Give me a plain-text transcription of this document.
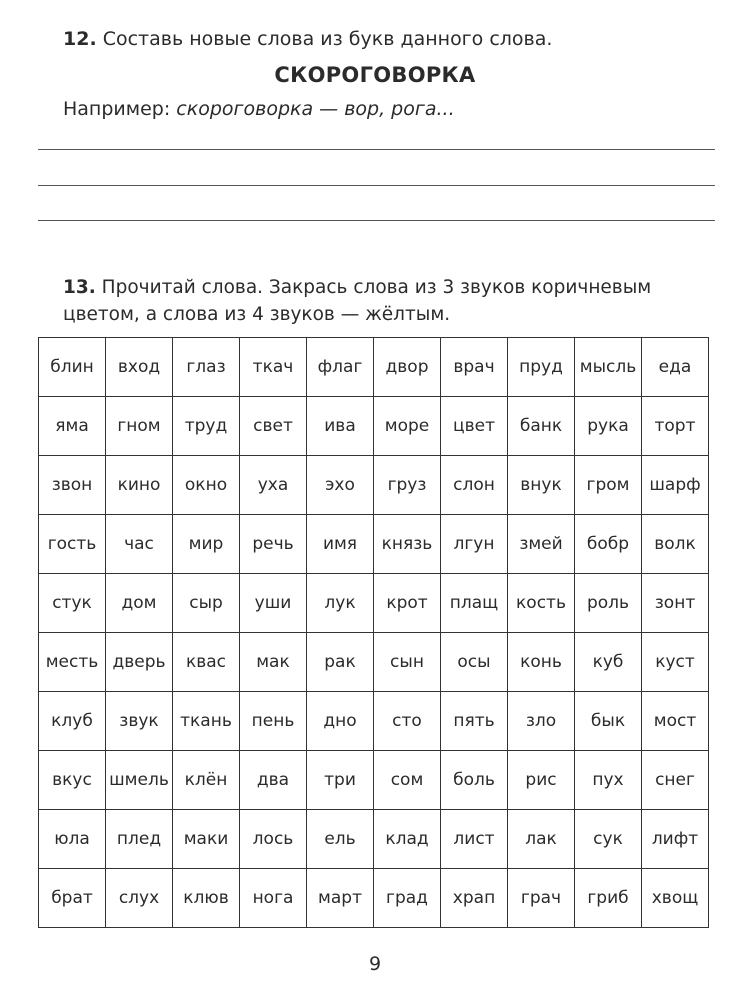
12. Составь новые слова из букв данного слова.
СКОРОГОВОРКА
Например: скороговорка — вор, рога...
13. Прочитай слова. Закрась слова из 3 звуков коричневым цветом, а слова из 4 звуков — жёлтым.
блин	вход	глаз	ткач	флаг	двор	врач	пруд	мысль	еда
яма	гном	труд	свет	ива	море	цвет	банк	рука	торт
звон	кино	окно	уха	эхо	груз	слон	внук	гром	шарф
гость	час	мир	речь	имя	князь	лгун	змей	бобр	волк
стук	дом	сыр	уши	лук	крот	плащ	кость	роль	зонт
месть	дверь	квас	мак	рак	сын	осы	конь	куб	куст
клуб	звук	ткань	пень	дно	сто	пять	зло	бык	мост
вкус	шмель	клён	два	три	сом	боль	рис	пух	снег
юла	плед	маки	лось	ель	клад	лист	лак	сук	лифт
брат	слух	клюв	нога	март	град	храп	грач	гриб	хвощ
9
